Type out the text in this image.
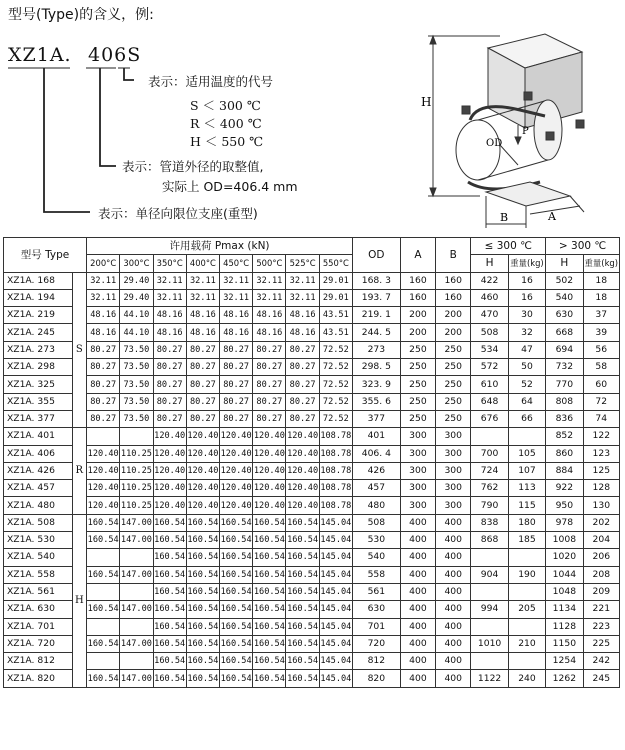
型号(Type)的含义，例:
XZ1A. 406S
表示：适用温度的代号
S ＜ 300 ℃
R ＜ 400 ℃
H ＜ 550 ℃
表示：管道外径的取整值,
实际上 OD=406.4 mm
表示：单径向限位支座(重型)
H
P
OD
B	A
型号 Type		许用载荷 Pmax (kN)								OD	A	B	≤ 300 ℃		> 300 ℃	
		200°C	300°C	350°C	400°C	450°C	500°C	525°C	550°C				H	重量(kg)	H	重量(kg)
XZ1A. 168	S	32.11	29.40	32.11	32.11	32.11	32.11	32.11	29.01	168. 3	160	160	422	16	502	18
XZ1A. 194		32.11	29.40	32.11	32.11	32.11	32.11	32.11	29.01	193. 7	160	160	460	16	540	18
XZ1A. 219		48.16	44.10	48.16	48.16	48.16	48.16	48.16	43.51	219. 1	200	200	470	30	630	37
XZ1A. 245		48.16	44.10	48.16	48.16	48.16	48.16	48.16	43.51	244. 5	200	200	508	32	668	39
XZ1A. 273		80.27	73.50	80.27	80.27	80.27	80.27	80.27	72.52	273	250	250	534	47	694	56
XZ1A. 298		80.27	73.50	80.27	80.27	80.27	80.27	80.27	72.52	298. 5	250	250	572	50	732	58
XZ1A. 325		80.27	73.50	80.27	80.27	80.27	80.27	80.27	72.52	323. 9	250	250	610	52	770	60
XZ1A. 355		80.27	73.50	80.27	80.27	80.27	80.27	80.27	72.52	355. 6	250	250	648	64	808	72
XZ1A. 377		80.27	73.50	80.27	80.27	80.27	80.27	80.27	72.52	377	250	250	676	66	836	74
XZ1A. 401	R			120.40	120.40	120.40	120.40	120.40	108.78	401	300	300			852	122
XZ1A. 406		120.40	110.25	120.40	120.40	120.40	120.40	120.40	108.78	406. 4	300	300	700	105	860	123
XZ1A. 426		120.40	110.25	120.40	120.40	120.40	120.40	120.40	108.78	426	300	300	724	107	884	125
XZ1A. 457		120.40	110.25	120.40	120.40	120.40	120.40	120.40	108.78	457	300	300	762	113	922	128
XZ1A. 480		120.40	110.25	120.40	120.40	120.40	120.40	120.40	108.78	480	300	300	790	115	950	130
XZ1A. 508	H	160.54	147.00	160.54	160.54	160.54	160.54	160.54	145.04	508	400	400	838	180	978	202
XZ1A. 530		160.54	147.00	160.54	160.54	160.54	160.54	160.54	145.04	530	400	400	868	185	1008	204
XZ1A. 540				160.54	160.54	160.54	160.54	160.54	145.04	540	400	400			1020	206
XZ1A. 558		160.54	147.00	160.54	160.54	160.54	160.54	160.54	145.04	558	400	400	904	190	1044	208
XZ1A. 561				160.54	160.54	160.54	160.54	160.54	145.04	561	400	400			1048	209
XZ1A. 630		160.54	147.00	160.54	160.54	160.54	160.54	160.54	145.04	630	400	400	994	205	1134	221
XZ1A. 701				160.54	160.54	160.54	160.54	160.54	145.04	701	400	400			1128	223
XZ1A. 720		160.54	147.00	160.54	160.54	160.54	160.54	160.54	145.04	720	400	400	1010	210	1150	225
XZ1A. 812				160.54	160.54	160.54	160.54	160.54	145.04	812	400	400			1254	242
XZ1A. 820		160.54	147.00	160.54	160.54	160.54	160.54	160.54	145.04	820	400	400	1122	240	1262	245
